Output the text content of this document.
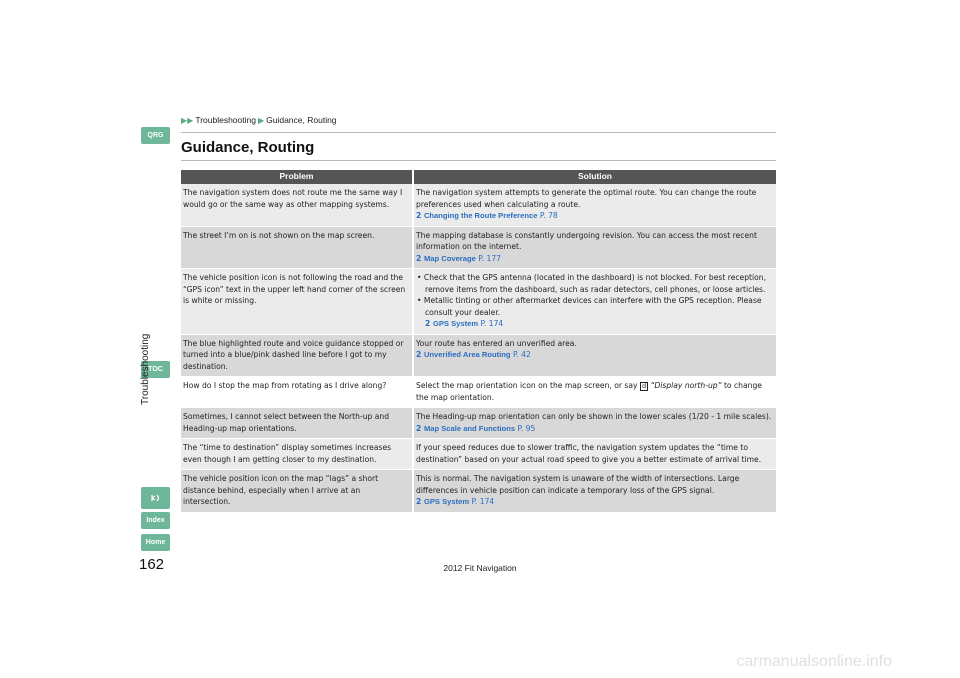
QRG
TOC
Troubleshooting
Index
Home
▶▶ Troubleshooting ▶ Guidance, Routing
Guidance, Routing
Problem	Solution
The navigation system does not route me the same way I would go or the same way as other mapping systems.	The navigation system attempts to generate the optimal route. You can change the route preferences used when calculating a route.
2 Changing the Route Preference P. 78

The street I’m on is not shown on the map screen.	The mapping database is constantly undergoing revision. You can access the most recent information on the internet.
2 Map Coverage P. 177

The vehicle position icon is not following the road and the “GPS icon” text in the upper left hand corner of the screen is white or missing.	• Check that the GPS antenna (located in the dashboard) is not blocked. For best reception, remove items from the dashboard, such as radar detectors, cell phones, or loose articles.
• Metallic tinting or other aftermarket devices can interfere with the GPS reception. Please consult your dealer.
2 GPS System P. 174

The blue highlighted route and voice guidance stopped or turned into a blue/pink dashed line before I got to my destination.	Your route has entered an unverified area.
2 Unverified Area Routing P. 42

How do I stop the map from rotating as I drive along?	Select the map orientation icon on the map screen, or say d “Display north-up” to change the map orientation.
Sometimes, I cannot select between the North-up and Heading-up map orientations.	The Heading-up map orientation can only be shown in the lower scales (1/20 - 1 mile scales).
2 Map Scale and Functions P. 95

The “time to destination” display sometimes increases even though I am getting closer to my destination.	If your speed reduces due to slower traffic, the navigation system updates the “time to destination” based on your actual road speed to give you a better estimate of arrival time.
The vehicle position icon on the map “lags” a short distance behind, especially when I arrive at an intersection.	This is normal. The navigation system is unaware of the width of intersections. Large differences in vehicle position can indicate a temporary loss of the GPS signal.
2 GPS System P. 174
162	2012 Fit Navigation
carmanualsonline.info
